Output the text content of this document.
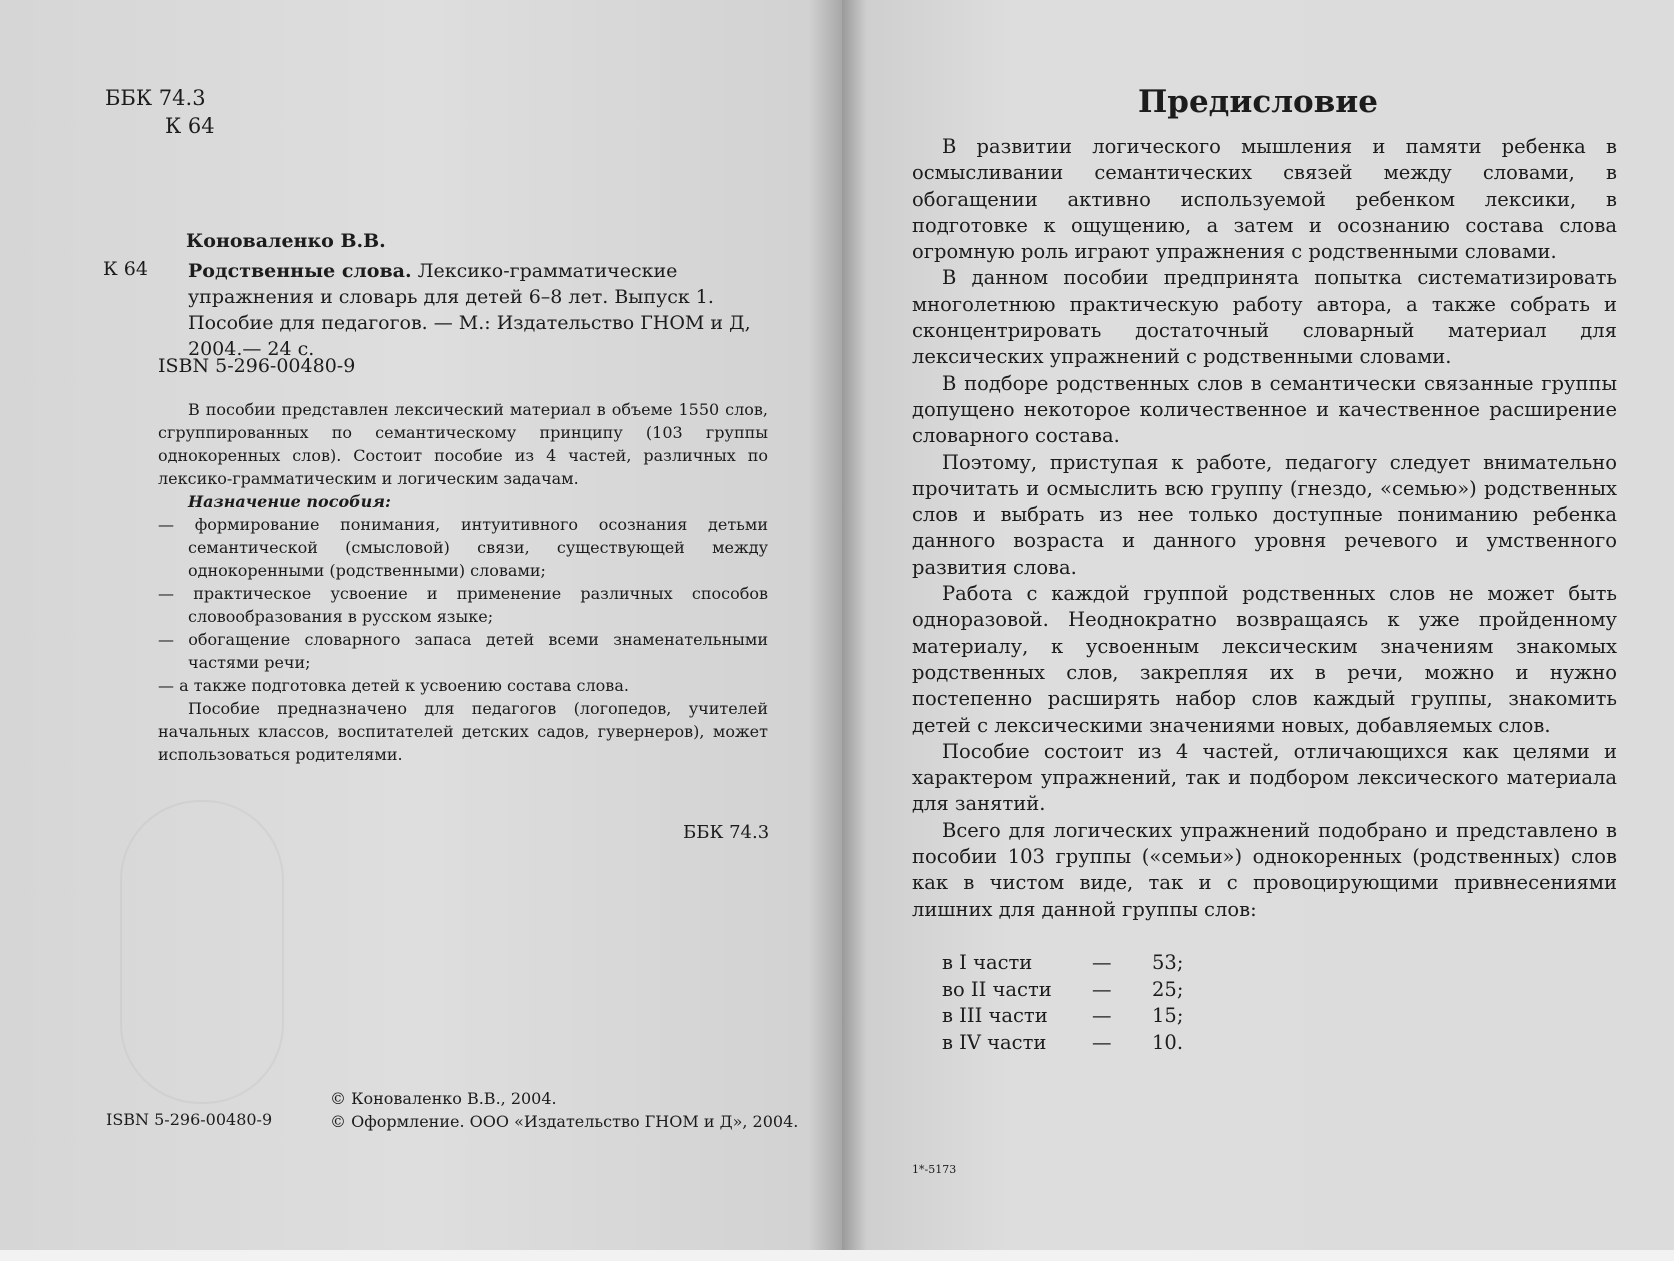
ББК 74.3
К 64
Коноваленко В.В.
К 64	Родственные слова. Лексико-грамматические упражнения и словарь для детей 6–8 лет. Выпуск 1. Пособие для педагогов. — М.: Издательство ГНОМ и Д, 2004.— 24 с.
ISBN 5-296-00480-9

В пособии представлен лексический материал в объеме 1550 слов, сгруппированных по семантическому принципу (103 группы однокоренных слов). Состоит пособие из 4 частей, различных по лексико-грамматическим и логическим задачам.

Назначение пособия:

— формирование понимания, интуитивного осознания детьми семантической (смысловой) связи, существующей между однокоренными (родственными) словами;
— практическое усвоение и применение различных способов словообразования в русском языке;
— обогащение словарного запаса детей всеми знаменательными частями речи;
— а также подготовка детей к усвоению состава слова.

Пособие предназначено для педагогов (логопедов, учителей начальных классов, воспитателей детских садов, гувернеров), может использоваться родителями.

ББК 74.3
© Коноваленко В.В., 2004.
© Оформление. ООО «Издательство ГНОМ и Д», 2004.
ISBN 5-296-00480-9
Предисловие

В развитии логического мышления и памяти ребенка в осмысливании семантических связей между словами, в обогащении активно используемой ребенком лексики, в подготовке к ощущению, а затем и осознанию состава слова огромную роль играют упражнения с родственными словами.

В данном пособии предпринята попытка систематизировать многолетнюю практическую работу автора, а также собрать и сконцентрировать достаточный словарный материал для лексических упражнений с родственными словами.

В подборе родственных слов в семантически связанные группы допущено некоторое количественное и качественное расширение словарного состава.

Поэтому, приступая к работе, педагогу следует внимательно прочитать и осмыслить всю группу (гнездо, «семью») родственных слов и выбрать из нее только доступные пониманию ребенка данного возраста и данного уровня речевого и умственного развития слова.

Работа с каждой группой родственных слов не может быть одноразовой. Неоднократно возвращаясь к уже пройденному материалу, к усвоенным лексическим значениям знакомых родственных слов, закрепляя их в речи, можно и нужно постепенно расширять набор слов каждый группы, знакомить детей с лексическими значениями новых, добавляемых слов.

Пособие состоит из 4 частей, отличающихся как целями и характером упражнений, так и подбором лексического материала для занятий.

Всего для логических упражнений подобрано и представлено в пособии 103 группы («семьи») однокоренных (родственных) слов как в чистом виде, так и с провоцирующими привнесениями лишних для данной группы слов:

в I части	—	53;
во II части	—	25;
в III части	—	15;
в IV части	—	10.
1*-5173
